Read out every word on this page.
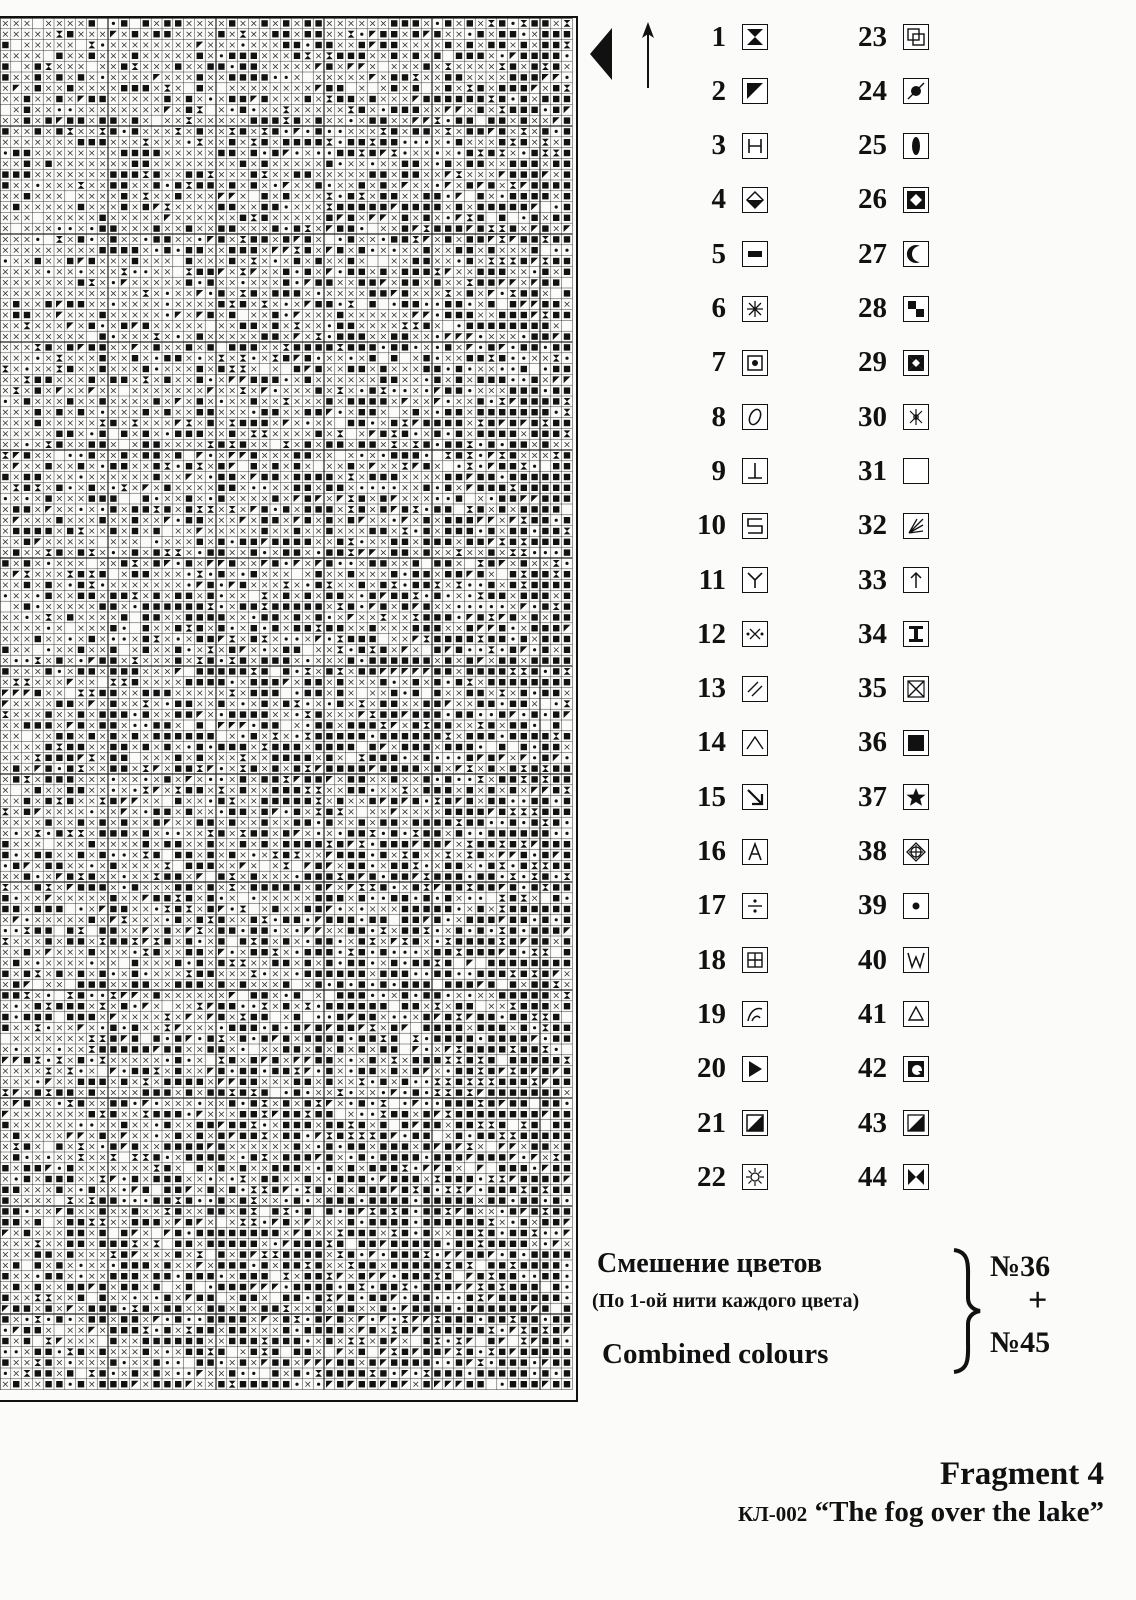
1
2
3
4
5
6
7
8
9
10
11
12
13
14
15
16
17
18
19
20
21
22
23
24
25
26
27
28
29
30
31
32
33
34
35
36
37
38
39
40
41
42
43
44
Смешение цветов
(По 1-ой нити каждого цвета)
Combined colours
№36
+
№45
Fragment 4
КЛ-002 “The fog over the lake”
